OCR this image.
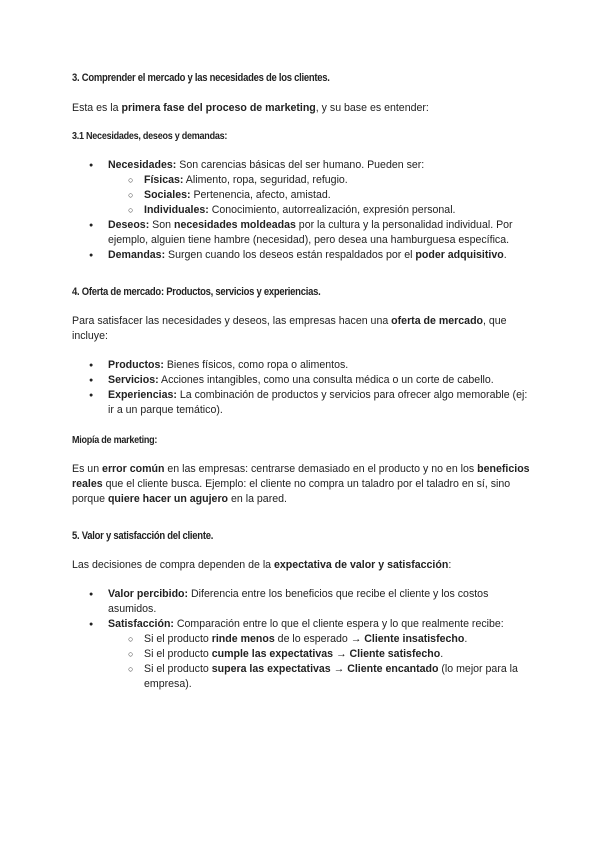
3. Comprender el mercado y las necesidades de los clientes.

Esta es la primera fase del proceso de marketing, y su base es entender:

3.1 Necesidades, deseos y demandas:
● Necesidades: Son carencias básicas del ser humano. Pueden ser:
○ Físicas: Alimento, ropa, seguridad, refugio.
○ Sociales: Pertenencia, afecto, amistad.
○ Individuales: Conocimiento, autorrealización, expresión personal.
● Deseos: Son necesidades moldeadas por la cultura y la personalidad individual. Por ejemplo, alguien tiene hambre (necesidad), pero desea una hamburguesa específica.
● Demandas: Surgen cuando los deseos están respaldados por el poder adquisitivo.
4. Oferta de mercado: Productos, servicios y experiencias.

Para satisfacer las necesidades y deseos, las empresas hacen una oferta de mercado, que incluye:

● Productos: Bienes físicos, como ropa o alimentos.
● Servicios: Acciones intangibles, como una consulta médica o un corte de cabello.
● Experiencias: La combinación de productos y servicios para ofrecer algo memorable (ej: ir a un parque temático).
Miopía de marketing:

Es un error común en las empresas: centrarse demasiado en el producto y no en los beneficios reales que el cliente busca. Ejemplo: el cliente no compra un taladro por el taladro en sí, sino porque quiere hacer un agujero en la pared.

5. Valor y satisfacción del cliente.

Las decisiones de compra dependen de la expectativa de valor y satisfacción:

● Valor percibido: Diferencia entre los beneficios que recibe el cliente y los costos asumidos.
● Satisfacción: Comparación entre lo que el cliente espera y lo que realmente recibe:
○ Si el producto rinde menos de lo esperado → Cliente insatisfecho.
○ Si el producto cumple las expectativas → Cliente satisfecho.
○ Si el producto supera las expectativas → Cliente encantado (lo mejor para la empresa).
